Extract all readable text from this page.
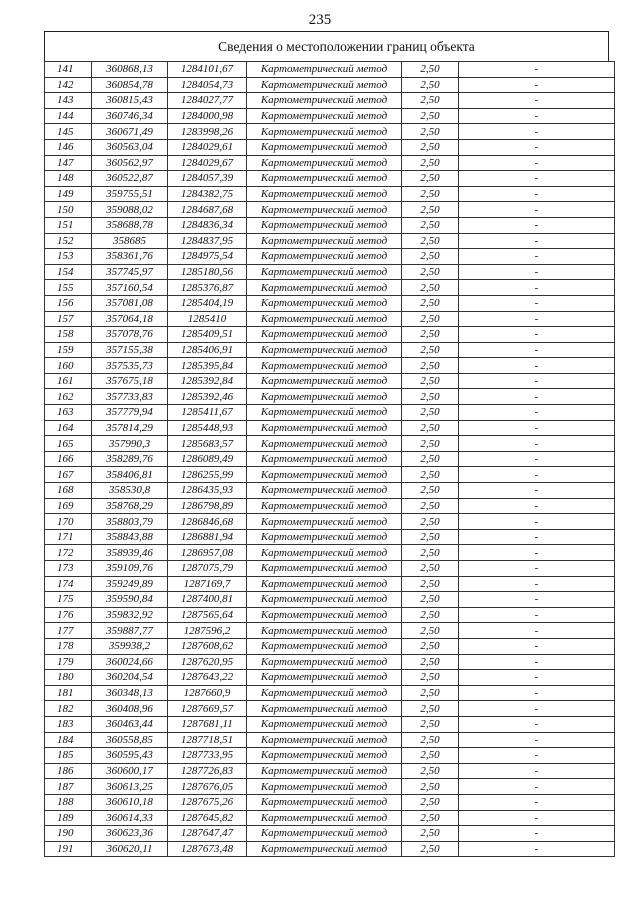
235
Сведения о местоположении границ объекта
141	360868,13	1284101,67	Картометрический метод	2,50	-
142	360854,78	1284054,73	Картометрический метод	2,50	-
143	360815,43	1284027,77	Картометрический метод	2,50	-
144	360746,34	1284000,98	Картометрический метод	2,50	-
145	360671,49	1283998,26	Картометрический метод	2,50	-
146	360563,04	1284029,61	Картометрический метод	2,50	-
147	360562,97	1284029,67	Картометрический метод	2,50	-
148	360522,87	1284057,39	Картометрический метод	2,50	-
149	359755,51	1284382,75	Картометрический метод	2,50	-
150	359088,02	1284687,68	Картометрический метод	2,50	-
151	358688,78	1284836,34	Картометрический метод	2,50	-
152	358685	1284837,95	Картометрический метод	2,50	-
153	358361,76	1284975,54	Картометрический метод	2,50	-
154	357745,97	1285180,56	Картометрический метод	2,50	-
155	357160,54	1285376,87	Картометрический метод	2,50	-
156	357081,08	1285404,19	Картометрический метод	2,50	-
157	357064,18	1285410	Картометрический метод	2,50	-
158	357078,76	1285409,51	Картометрический метод	2,50	-
159	357155,38	1285406,91	Картометрический метод	2,50	-
160	357535,73	1285395,84	Картометрический метод	2,50	-
161	357675,18	1285392,84	Картометрический метод	2,50	-
162	357733,83	1285392,46	Картометрический метод	2,50	-
163	357779,94	1285411,67	Картометрический метод	2,50	-
164	357814,29	1285448,93	Картометрический метод	2,50	-
165	357990,3	1285683,57	Картометрический метод	2,50	-
166	358289,76	1286089,49	Картометрический метод	2,50	-
167	358406,81	1286255,99	Картометрический метод	2,50	-
168	358530,8	1286435,93	Картометрический метод	2,50	-
169	358768,29	1286798,89	Картометрический метод	2,50	-
170	358803,79	1286846,68	Картометрический метод	2,50	-
171	358843,88	1286881,94	Картометрический метод	2,50	-
172	358939,46	1286957,08	Картометрический метод	2,50	-
173	359109,76	1287075,79	Картометрический метод	2,50	-
174	359249,89	1287169,7	Картометрический метод	2,50	-
175	359590,84	1287400,81	Картометрический метод	2,50	-
176	359832,92	1287565,64	Картометрический метод	2,50	-
177	359887,77	1287596,2	Картометрический метод	2,50	-
178	359938,2	1287608,62	Картометрический метод	2,50	-
179	360024,66	1287620,95	Картометрический метод	2,50	-
180	360204,54	1287643,22	Картометрический метод	2,50	-
181	360348,13	1287660,9	Картометрический метод	2,50	-
182	360408,96	1287669,57	Картометрический метод	2,50	-
183	360463,44	1287681,11	Картометрический метод	2,50	-
184	360558,85	1287718,51	Картометрический метод	2,50	-
185	360595,43	1287733,95	Картометрический метод	2,50	-
186	360600,17	1287726,83	Картометрический метод	2,50	-
187	360613,25	1287676,05	Картометрический метод	2,50	-
188	360610,18	1287675,26	Картометрический метод	2,50	-
189	360614,33	1287645,82	Картометрический метод	2,50	-
190	360623,36	1287647,47	Картометрический метод	2,50	-
191	360620,11	1287673,48	Картометрический метод	2,50	-
